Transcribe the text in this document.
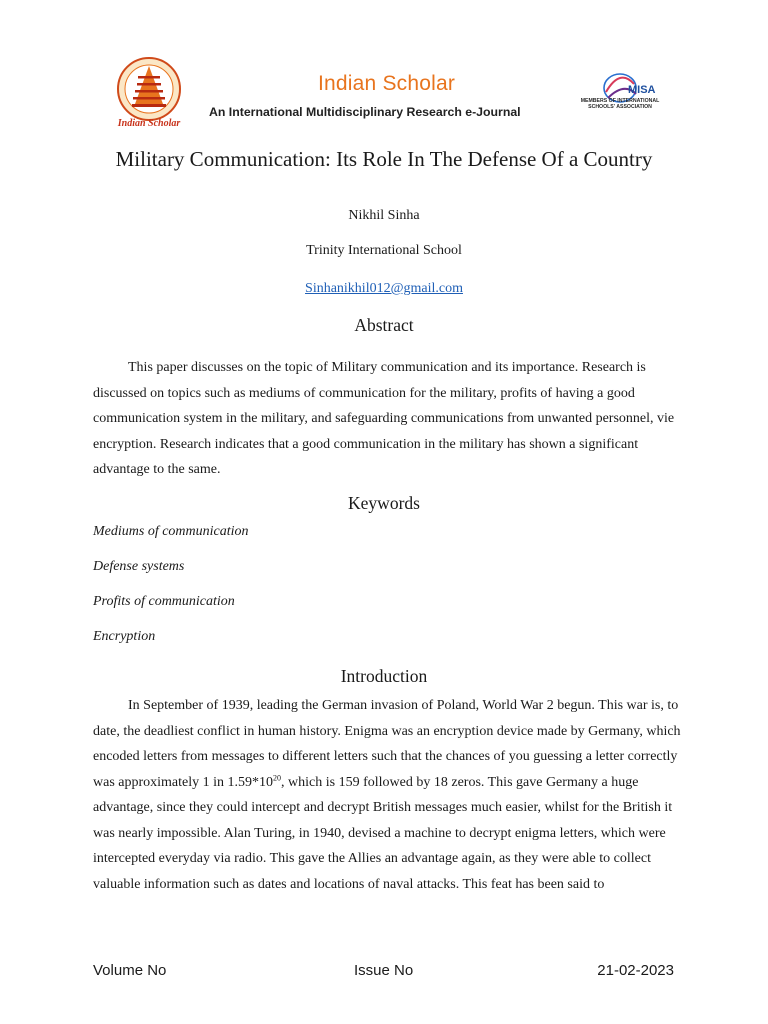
Indian Scholar
Indian Scholar
An International Multidisciplinary Research e-Journal
MISA
MEMBERS OF INTERNATIONAL SCHOOLS' ASSOCIATION
Military Communication: Its Role In The Defense Of a Country
Nikhil Sinha
Trinity International School
Sinhanikhil012@gmail.com
Abstract

This paper discusses on the topic of Military communication and its importance. Research is discussed on topics such as mediums of communication for the military, profits of having a good communication system in the military, and safeguarding communications from unwanted personnel, vie encryption. Research indicates that a good communication in the military has shown a significant advantage to the same.

Keywords
Mediums of communication
Defense systems
Profits of communication
Encryption
Introduction

In September of 1939, leading the German invasion of Poland, World War 2 begun. This war is, to date, the deadliest conflict in human history. Enigma was an encryption device made by Germany, which encoded letters from messages to different letters such that the chances of you guessing a letter correctly was approximately 1 in $1.59*10^{20}$, which is 159 followed by 18 zeros. This gave Germany a huge advantage, since they could intercept and decrypt British messages much easier, whilst for the British it was nearly impossible. Alan Turing, in 1940, devised a machine to decrypt enigma letters, which were intercepted everyday via radio. This gave the Allies an advantage again, as they were able to collect valuable information such as dates and locations of naval attacks. This feat has been said to

Volume No	Issue No	21-02-2023
